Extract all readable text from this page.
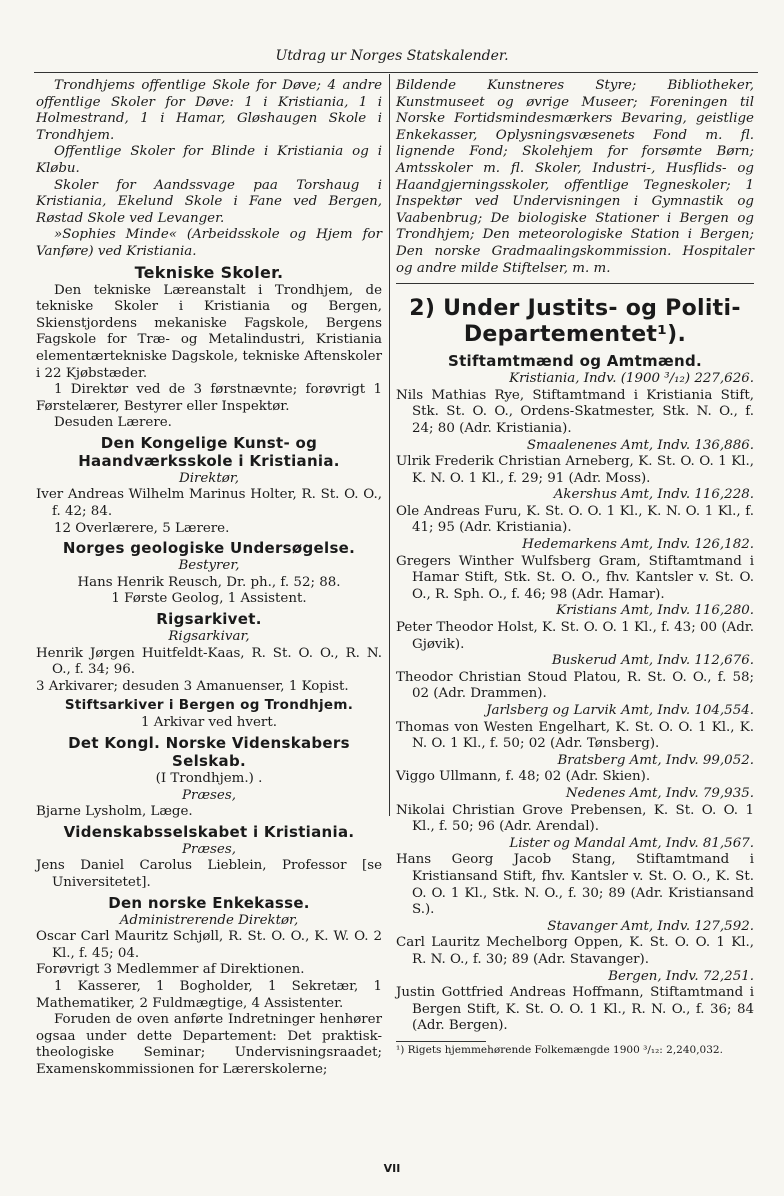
Utdrag ur Norges Statskalender.

Trondhjems offentlige Skole for Døve; 4 andre offentlige Skoler for Døve: 1 i Kristiania, 1 i Holmestrand, 1 i Hamar, Gløshaugen Skole i Trondhjem.

Offentlige Skoler for Blinde i Kristiania og i Kløbu.

Skoler for Aandssvage paa Torshaug i Kristiania, Ekelund Skole i Fane ved Bergen, Røstad Skole ved Levanger.

»Sophies Minde« (Arbeidsskole og Hjem for Vanføre) ved Kristiania.

Tekniske Skoler.

Den tekniske Læreanstalt i Trondhjem, de tekniske Skoler i Kristiania og Bergen, Skienstjordens mekaniske Fagskole, Bergens Fagskole for Træ- og Metalindustri, Kristiania elementærtekniske Dagskole, tekniske Aftenskoler i 22 Kjøbstæder.

1 Direktør ved de 3 førstnævnte; forøvrigt 1 Førstelærer, Bestyrer eller Inspektør.

Desuden Lærere.

Den Kongelige Kunst- og Haandværksskole i Kristiania.

Direktør,

Iver Andreas Wilhelm Marinus Holter, R. St. O. O., f. 42; 84.

12 Overlærere, 5 Lærere.

Norges geologiske Undersøgelse.

Bestyrer,

Hans Henrik Reusch, Dr. ph., f. 52; 88.

1 Første Geolog, 1 Assistent.

Rigsarkivet.

Rigsarkivar,

Henrik Jørgen Huitfeldt-Kaas, R. St. O. O., R. N. O., f. 34; 96.

3 Arkivarer; desuden 3 Amanuenser, 1 Kopist.

Stiftsarkiver i Bergen og Trondhjem.

1 Arkivar ved hvert.

Det Kongl. Norske Videnskabers Selskab.

(I Trondhjem.) .

Præses,

Bjarne Lysholm, Læge.

Videnskabsselskabet i Kristiania.

Præses,

Jens Daniel Carolus Lieblein, Professor [se Universitetet].

Den norske Enkekasse.

Administrerende Direktør,

Oscar Carl Mauritz Schjøll, R. St. O. O., K. W. O. 2 Kl., f. 45; 04.

Forøvrigt 3 Medlemmer af Direktionen.

1 Kasserer, 1 Bogholder, 1 Sekretær, 1 Mathematiker, 2 Fuldmægtige, 4 Assistenter.

Foruden de oven anførte Indretninger henhører ogsaa under dette Departement: Det praktisk-theologiske Seminar; Undervisningsraadet; Examenskommissionen for Lærerskolerne;

Bildende Kunstneres Styre; Bibliotheker, Kunstmuseet og øvrige Museer; Foreningen til Norske Fortidsmindesmærkers Bevaring, geistlige Enkekasser, Oplysningsvæsenets Fond m. fl. lignende Fond; Skolehjem for forsømte Børn; Amtsskoler m. fl. Skoler, Industri-, Husflids- og Haandgjerningsskoler, offentlige Tegneskoler; 1 Inspektør ved Undervisningen i Gymnastik og Vaabenbrug; De biologiske Stationer i Bergen og Trondhjem; Den meteorologiske Station i Bergen; Den norske Gradmaalingskommission. Hospitaler og andre milde Stiftelser, m. m.

2) Under Justits- og Politi-
Departementet¹).
Stiftamtmænd og Amtmænd.

Kristiania, Indv. (1900 ³/₁₂) 227,626.

Nils Mathias Rye, Stiftamtmand i Kristiania Stift, Stk. St. O. O., Ordens-Skatmester, Stk. N. O., f. 24; 80 (Adr. Kristiania).

Smaalenenes Amt, Indv. 136,886.

Ulrik Frederik Christian Arneberg, K. St. O. O. 1 Kl., K. N. O. 1 Kl., f. 29; 91 (Adr. Moss).

Akershus Amt, Indv. 116,228.

Ole Andreas Furu, K. St. O. O. 1 Kl., K. N. O. 1 Kl., f. 41; 95 (Adr. Kristiania).

Hedemarkens Amt, Indv. 126,182.

Gregers Winther Wulfsberg Gram, Stiftamtmand i Hamar Stift, Stk. St. O. O., fhv. Kantsler v. St. O. O., R. Sph. O., f. 46; 98 (Adr. Hamar).

Kristians Amt, Indv. 116,280.

Peter Theodor Holst, K. St. O. O. 1 Kl., f. 43; 00 (Adr. Gjøvik).

Buskerud Amt, Indv. 112,676.

Theodor Christian Stoud Platou, R. St. O. O., f. 58; 02 (Adr. Drammen).

Jarlsberg og Larvik Amt, Indv. 104,554.

Thomas von Westen Engelhart, K. St. O. O. 1 Kl., K. N. O. 1 Kl., f. 50; 02 (Adr. Tønsberg).

Bratsberg Amt, Indv. 99,052.

Viggo Ullmann, f. 48; 02 (Adr. Skien).

Nedenes Amt, Indv. 79,935.

Nikolai Christian Grove Prebensen, K. St. O. O. 1 Kl., f. 50; 96 (Adr. Arendal).

Lister og Mandal Amt, Indv. 81,567.

Hans Georg Jacob Stang, Stiftamtmand i Kristiansand Stift, fhv. Kantsler v. St. O. O., K. St. O. O. 1 Kl., Stk. N. O., f. 30; 89 (Adr. Kristiansand S.).

Stavanger Amt, Indv. 127,592.

Carl Lauritz Mechelborg Oppen, K. St. O. O. 1 Kl., R. N. O., f. 30; 89 (Adr. Stavanger).

Bergen, Indv. 72,251.

Justin Gottfried Andreas Hoffmann, Stiftamtmand i Bergen Stift, K. St. O. O. 1 Kl., R. N. O., f. 36; 84 (Adr. Bergen).

¹) Rigets hjemmehørende Folkemængde 1900 ³/₁₂: 2,240,032.

VII
